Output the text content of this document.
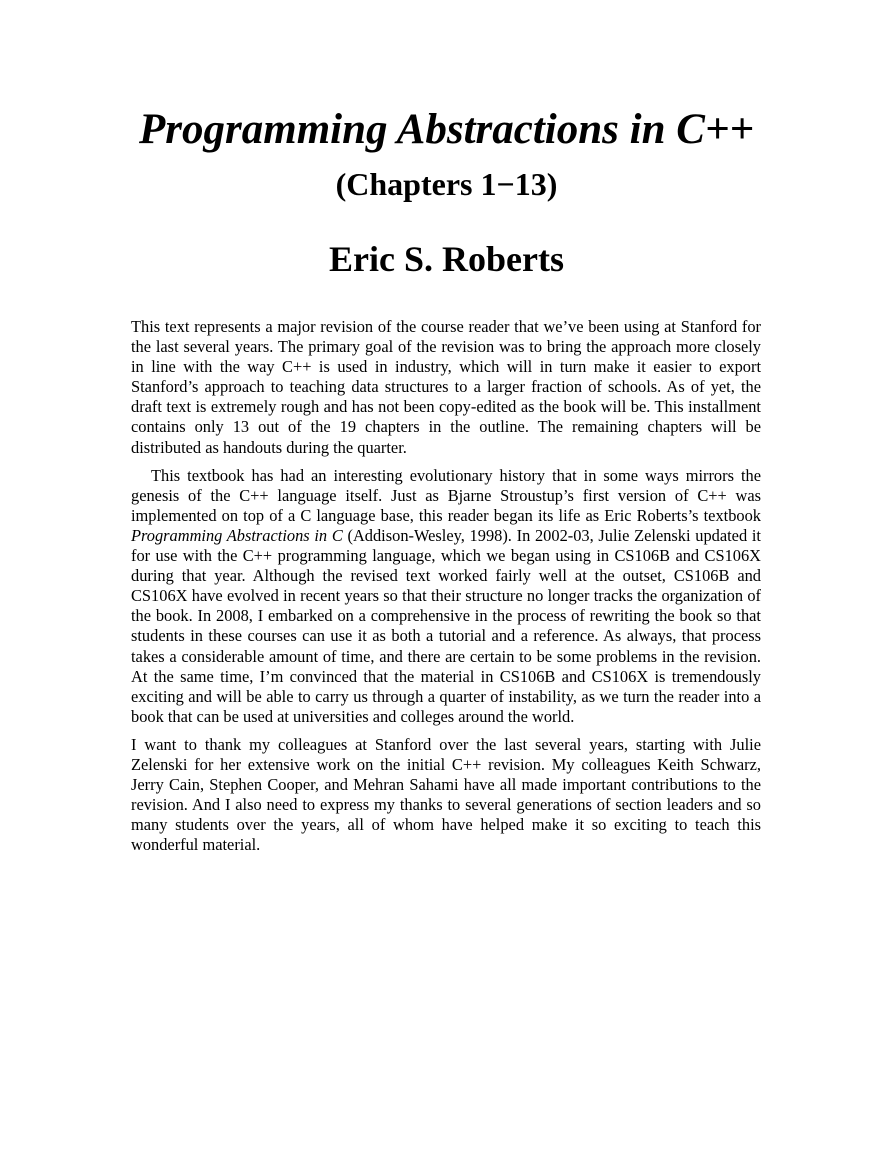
Programming Abstractions in C++
(Chapters 1−13)
Eric S. Roberts

This text represents a major revision of the course reader that we’ve been using at Stanford for the last several years. The primary goal of the revision was to bring the approach more closely in line with the way C++ is used in industry, which will in turn make it easier to export Stanford’s approach to teaching data structures to a larger fraction of schools. As of yet, the draft text is extremely rough and has not been copy-edited as the book will be. This installment contains only 13 out of the 19 chapters in the outline. The remaining chapters will be distributed as handouts during the quarter.

This textbook has had an interesting evolutionary history that in some ways mirrors the genesis of the C++ language itself. Just as Bjarne Stroustup’s first version of C++ was implemented on top of a C language base, this reader began its life as Eric Roberts’s textbook Programming Abstractions in C (Addison-Wesley, 1998). In 2002-03, Julie Zelenski updated it for use with the C++ programming language, which we began using in CS106B and CS106X during that year. Although the revised text worked fairly well at the outset, CS106B and CS106X have evolved in recent years so that their structure no longer tracks the organization of the book. In 2008, I embarked on a comprehensive in the process of rewriting the book so that students in these courses can use it as both a tutorial and a reference. As always, that process takes a considerable amount of time, and there are certain to be some problems in the revision. At the same time, I’m convinced that the material in CS106B and CS106X is tremendously exciting and will be able to carry us through a quarter of instability, as we turn the reader into a book that can be used at universities and colleges around the world.

I want to thank my colleagues at Stanford over the last several years, starting with Julie Zelenski for her extensive work on the initial C++ revision. My colleagues Keith Schwarz, Jerry Cain, Stephen Cooper, and Mehran Sahami have all made important contributions to the revision. And I also need to express my thanks to several generations of section leaders and so many students over the years, all of whom have helped make it so exciting to teach this wonderful material.
